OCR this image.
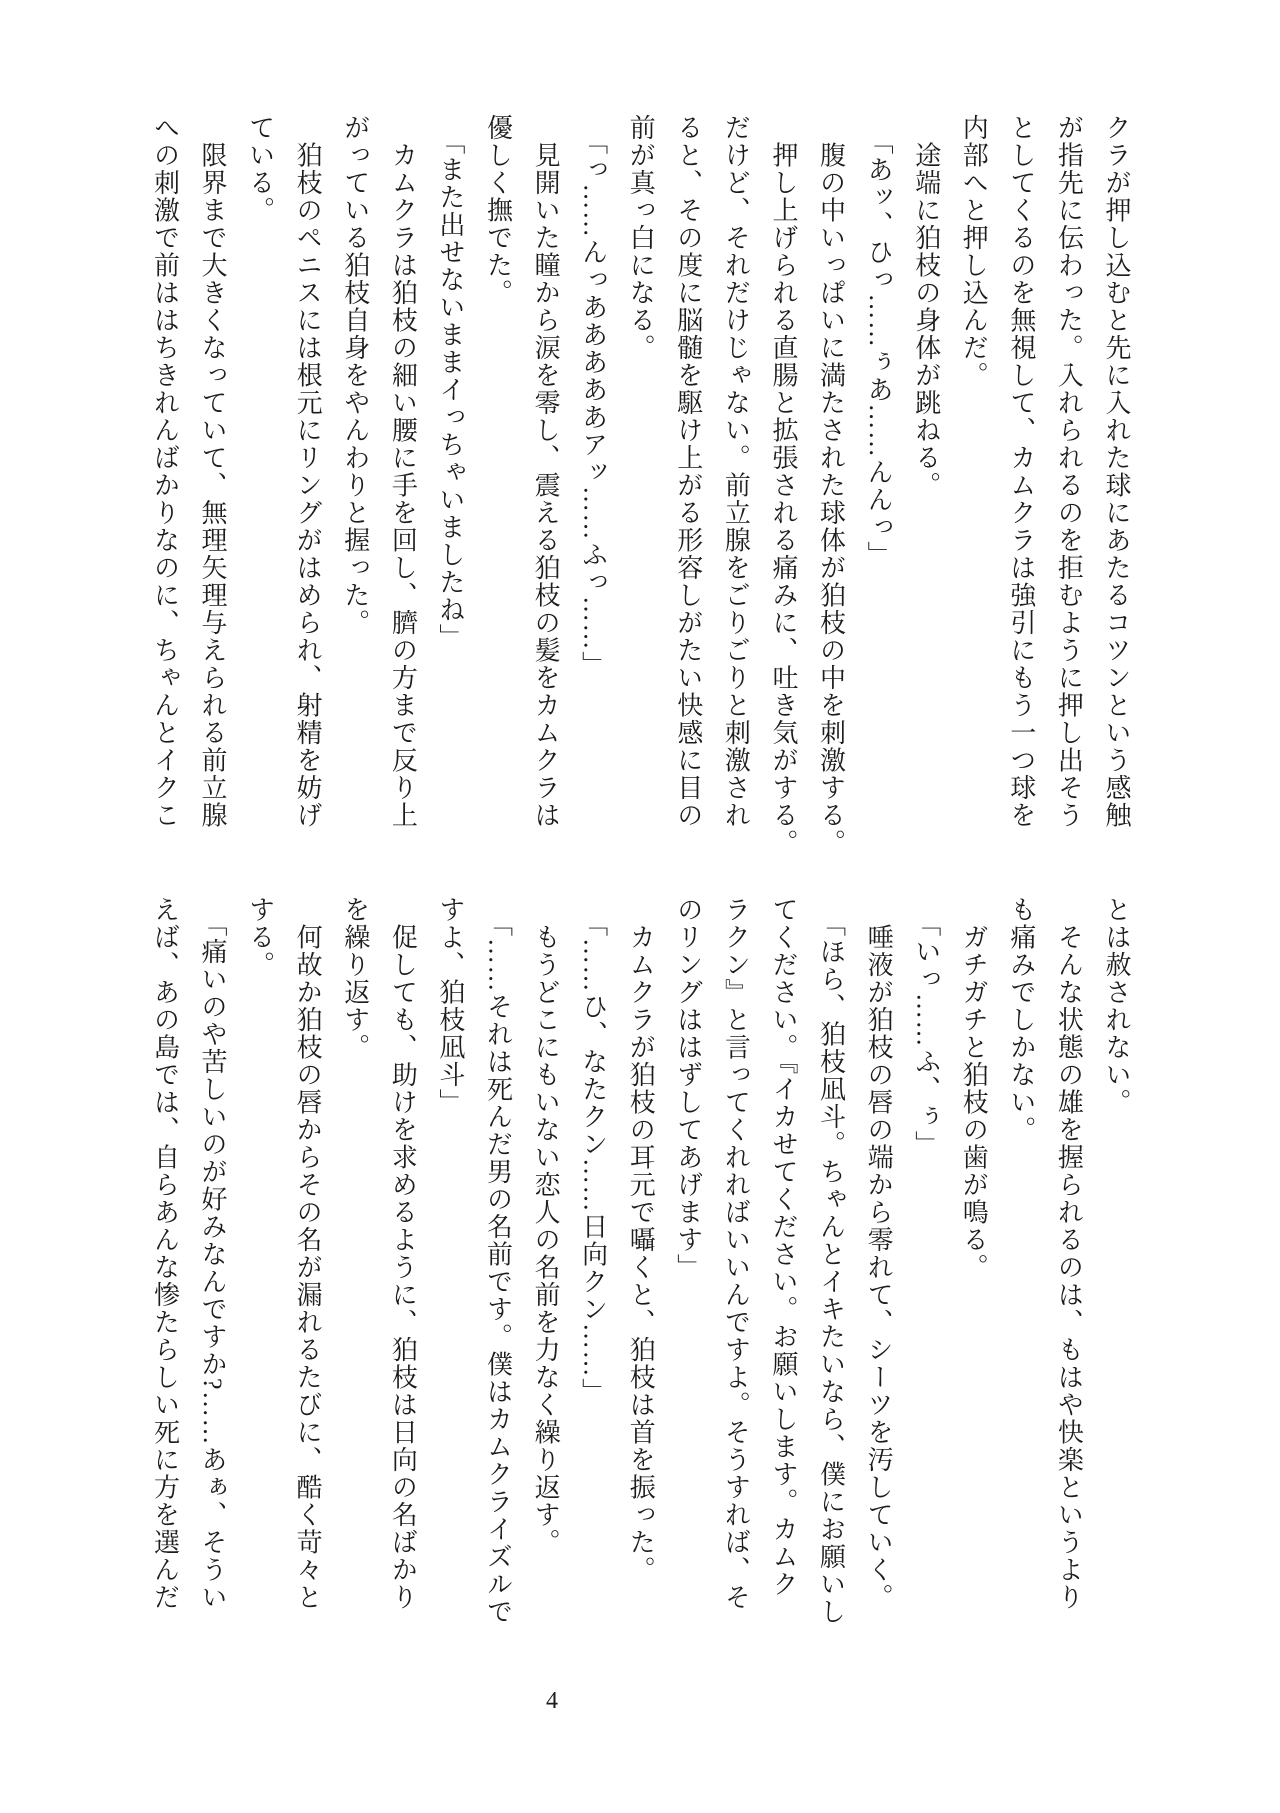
クラが押し込むと先に入れた球にあたるコツンという感触

が指先に伝わった。入れられるのを拒むように押し出そう

としてくるのを無視して、カムクラは強引にもう一つ球を

内部へと押し込んだ。

　途端に狛枝の身体が跳ねる。

　「あッ、ひっ……ぅあ……んんっ」

　腹の中いっぱいに満たされた球体が狛枝の中を刺激する。

　押し上げられる直腸と拡張される痛みに、吐き気がする。

だけど、それだけじゃない。前立腺をごりごりと刺激され

ると、その度に脳髄を駆け上がる形容しがたい快感に目の

前が真っ白になる。

　「っ……んっあああああアッ……ふっ……」

　見開いた瞳から涙を零し、震える狛枝の髪をカムクラは

優しく撫でた。

　「また出せないままイっちゃいましたね」

　カムクラは狛枝の細い腰に手を回し、臍の方まで反り上

がっている狛枝自身をやんわりと握った。

　狛枝のペニスには根元にリングがはめられ、射精を妨げ

ている。

　限界まで大きくなっていて、無理矢理与えられる前立腺

への刺激で前ははちきれんばかりなのに、ちゃんとイクこ

とは赦されない。

　そんな状態の雄を握られるのは、もはや快楽というより

も痛みでしかない。

　ガチガチと狛枝の歯が鳴る。

　「いっ……ふ、ぅ」

　唾液が狛枝の唇の端から零れて、シーツを汚していく。

　「ほら、狛枝凪斗。ちゃんとイキたいなら、僕にお願いし

てください。『イカせてください。お願いします。カムク

ラクン』と言ってくれればいいんですよ。そうすれば、そ

のリングははずしてあげます」

　カムクラが狛枝の耳元で囁くと、狛枝は首を振った。

　「……ひ、なたクン……日向クン……」

　もうどこにもいない恋人の名前を力なく繰り返す。

　「……それは死んだ男の名前です。僕はカムクライズルで

すよ、狛枝凪斗」

　促しても、助けを求めるように、狛枝は日向の名ばかり

を繰り返す。

　何故か狛枝の唇からその名が漏れるたびに、酷く苛々と

する。

　「痛いのや苦しいのが好みなんですか?……あぁ、そうい

えば、あの島では、自らあんな惨たらしい死に方を選んだ

4
